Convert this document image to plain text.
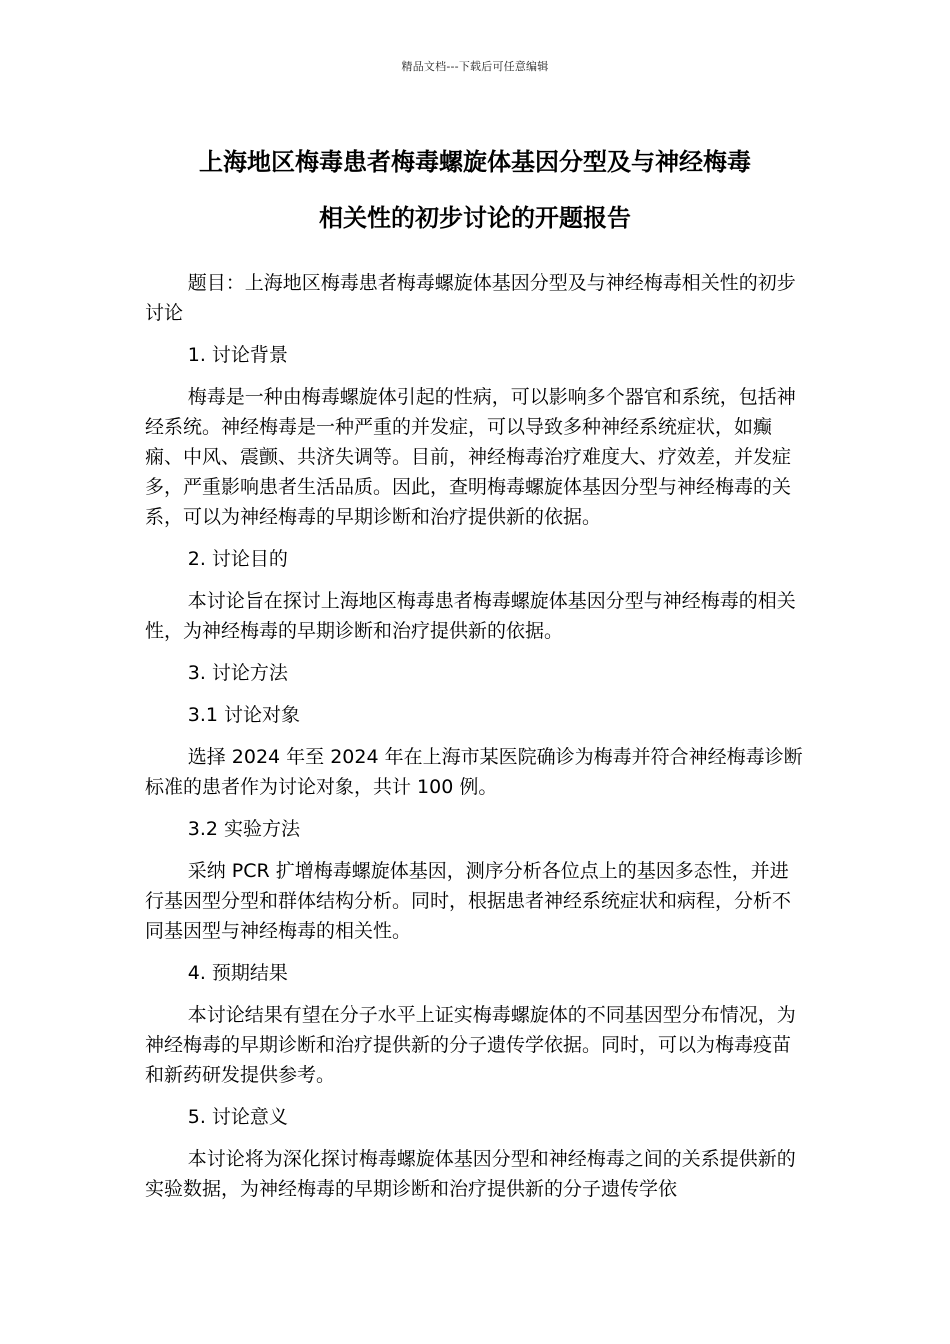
精品文档---下载后可任意编辑
上海地区梅毒患者梅毒螺旋体基因分型及与神经梅毒
相关性的初步讨论的开题报告

题目：上海地区梅毒患者梅毒螺旋体基因分型及与神经梅毒相关性的初步讨论

1. 讨论背景

梅毒是一种由梅毒螺旋体引起的性病，可以影响多个器官和系统，包括神经系统。神经梅毒是一种严重的并发症，可以导致多种神经系统症状，如癫痫、中风、震颤、共济失调等。目前，神经梅毒治疗难度大、疗效差，并发症多，严重影响患者生活品质。因此，查明梅毒螺旋体基因分型与神经梅毒的关系，可以为神经梅毒的早期诊断和治疗提供新的依据。

2. 讨论目的

本讨论旨在探讨上海地区梅毒患者梅毒螺旋体基因分型与神经梅毒的相关性，为神经梅毒的早期诊断和治疗提供新的依据。

3. 讨论方法

3.1 讨论对象

选择 2024 年至 2024 年在上海市某医院确诊为梅毒并符合神经梅毒诊断标准的患者作为讨论对象，共计 100 例。

3.2 实验方法

采纳 PCR 扩增梅毒螺旋体基因，测序分析各位点上的基因多态性，并进行基因型分型和群体结构分析。同时，根据患者神经系统症状和病程，分析不同基因型与神经梅毒的相关性。

4. 预期结果

本讨论结果有望在分子水平上证实梅毒螺旋体的不同基因型分布情况，为神经梅毒的早期诊断和治疗提供新的分子遗传学依据。同时，可以为梅毒疫苗和新药研发提供参考。

5. 讨论意义

本讨论将为深化探讨梅毒螺旋体基因分型和神经梅毒之间的关系提供新的实验数据，为神经梅毒的早期诊断和治疗提供新的分子遗传学依
